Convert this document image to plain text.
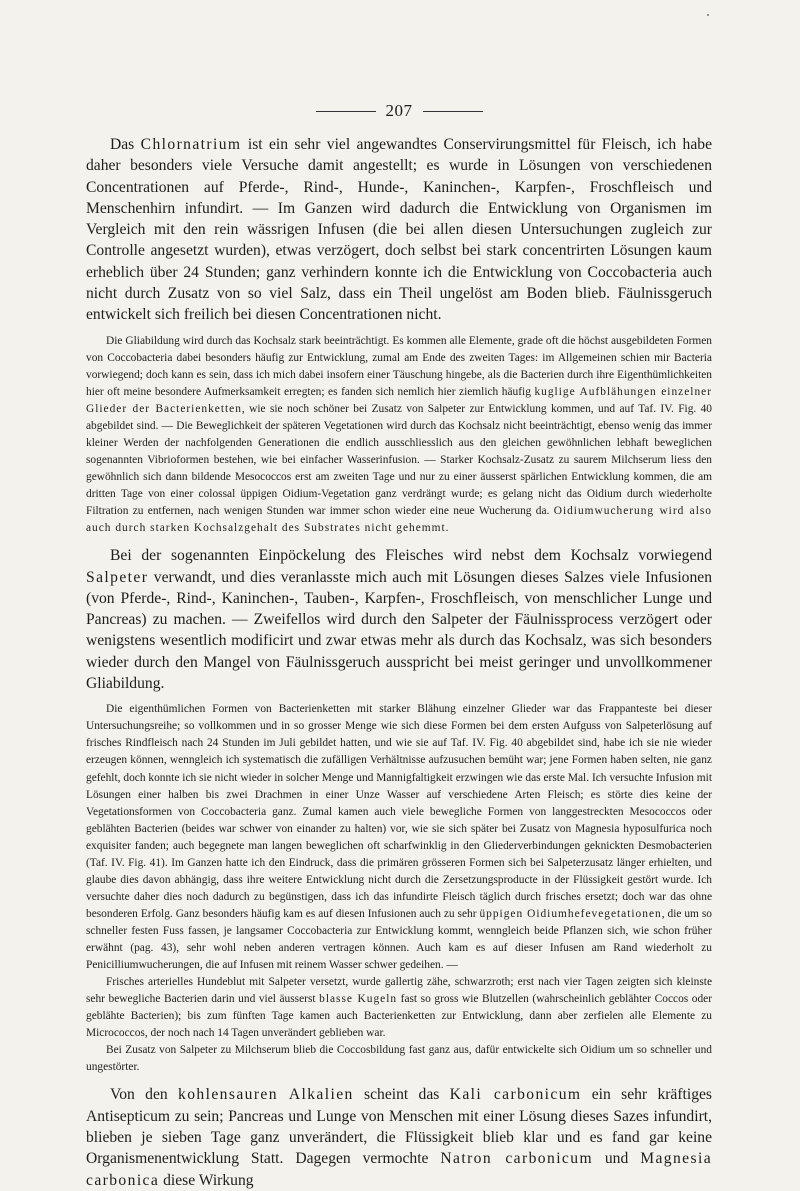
207

Das Chlornatrium ist ein sehr viel angewandtes Conservirungsmittel für Fleisch, ich habe daher besonders viele Versuche damit angestellt; es wurde in Lösungen von verschiedenen Concentrationen auf Pferde-, Rind-, Hunde-, Kaninchen-, Karpfen-, Froschfleisch und Menschenhirn infundirt. — Im Ganzen wird dadurch die Entwicklung von Organismen im Vergleich mit den rein wässrigen Infusen (die bei allen diesen Untersuchungen zugleich zur Controlle angesetzt wurden), etwas verzögert, doch selbst bei stark concentrirten Lösungen kaum erheblich über 24 Stunden; ganz verhindern konnte ich die Entwicklung von Coccobacteria auch nicht durch Zusatz von so viel Salz, dass ein Theil ungelöst am Boden blieb. Fäulnissgeruch entwickelt sich freilich bei diesen Concentrationen nicht.

Die Gliabildung wird durch das Kochsalz stark beeinträchtigt. Es kommen alle Elemente, grade oft die höchst ausgebildeten Formen von Coccobacteria dabei besonders häufig zur Entwicklung, zumal am Ende des zweiten Tages: im Allgemeinen schien mir Bacteria vorwiegend; doch kann es sein, dass ich mich dabei insofern einer Täuschung hingebe, als die Bacterien durch ihre Eigenthümlichkeiten hier oft meine besondere Aufmerksamkeit erregten; es fanden sich nemlich hier ziemlich häufig kuglige Aufblähungen einzelner Glieder der Bacterienketten, wie sie noch schöner bei Zusatz von Salpeter zur Entwicklung kommen, und auf Taf. IV. Fig. 40 abgebildet sind. — Die Beweglichkeit der späteren Vegetationen wird durch das Kochsalz nicht beeinträchtigt, ebenso wenig das immer kleiner Werden der nachfolgenden Generationen die endlich ausschliesslich aus den gleichen gewöhnlichen lebhaft beweglichen sogenannten Vibrioformen bestehen, wie bei einfacher Wasserinfusion. — Starker Kochsalz-Zusatz zu saurem Milchserum liess den gewöhnlich sich dann bildende Mesococcos erst am zweiten Tage und nur zu einer äusserst spärlichen Entwicklung kommen, die am dritten Tage von einer colossal üppigen Oidium-Vegetation ganz verdrängt wurde; es gelang nicht das Oidium durch wiederholte Filtration zu entfernen, nach wenigen Stunden war immer schon wieder eine neue Wucherung da. Oidiumwucherung wird also auch durch starken Kochsalzgehalt des Substrates nicht gehemmt.

Bei der sogenannten Einpöckelung des Fleisches wird nebst dem Kochsalz vorwiegend Salpeter verwandt, und dies veranlasste mich auch mit Lösungen dieses Salzes viele Infusionen (von Pferde-, Rind-, Kaninchen-, Tauben-, Karpfen-, Froschfleisch, von menschlicher Lunge und Pancreas) zu machen. — Zweifellos wird durch den Salpeter der Fäulnissprocess verzögert oder wenigstens wesentlich modificirt und zwar etwas mehr als durch das Kochsalz, was sich besonders wieder durch den Mangel von Fäulnissgeruch ausspricht bei meist geringer und unvollkommener Gliabildung.

Die eigenthümlichen Formen von Bacterienketten mit starker Blähung einzelner Glieder war das Frappanteste bei dieser Untersuchungsreihe; so vollkommen und in so grosser Menge wie sich diese Formen bei dem ersten Aufguss von Salpeterlösung auf frisches Rindfleisch nach 24 Stunden im Juli gebildet hatten, und wie sie auf Taf. IV. Fig. 40 abgebildet sind, habe ich sie nie wieder erzeugen können, wenngleich ich systematisch die zufälligen Verhältnisse aufzusuchen bemüht war; jene Formen haben selten, nie ganz gefehlt, doch konnte ich sie nicht wieder in solcher Menge und Mannigfaltigkeit erzwingen wie das erste Mal. Ich versuchte Infusion mit Lösungen einer halben bis zwei Drachmen in einer Unze Wasser auf verschiedene Arten Fleisch; es störte dies keine der Vegetationsformen von Coccobacteria ganz. Zumal kamen auch viele bewegliche Formen von langgestreckten Mesococcos oder geblähten Bacterien (beides war schwer von einander zu halten) vor, wie sie sich später bei Zusatz von Magnesia hyposulfurica noch exquisiter fanden; auch begegnete man langen beweglichen oft scharfwinklig in den Gliederverbindungen geknickten Desmobacterien (Taf. IV. Fig. 41). Im Ganzen hatte ich den Eindruck, dass die primären grösseren Formen sich bei Salpeterzusatz länger erhielten, und glaube dies davon abhängig, dass ihre weitere Entwicklung nicht durch die Zersetzungsproducte in der Flüssigkeit gestört wurde. Ich versuchte daher dies noch dadurch zu begünstigen, dass ich das infundirte Fleisch täglich durch frisches ersetzt; doch war das ohne besonderen Erfolg. Ganz besonders häufig kam es auf diesen Infusionen auch zu sehr üppigen Oidiumhefevegetationen, die um so schneller festen Fuss fassen, je langsamer Coccobacteria zur Entwicklung kommt, wenngleich beide Pflanzen sich, wie schon früher erwähnt (pag. 43), sehr wohl neben anderen vertragen können. Auch kam es auf dieser Infusen am Rand wiederholt zu Penicilliumwucherungen, die auf Infusen mit reinem Wasser schwer gedeihen. —

Frisches arterielles Hundeblut mit Salpeter versetzt, wurde gallertig zähe, schwarzroth; erst nach vier Tagen zeigten sich kleinste sehr bewegliche Bacterien darin und viel äusserst blasse Kugeln fast so gross wie Blutzellen (wahrscheinlich geblähter Coccos oder geblähte Bacterien); bis zum fünften Tage kamen auch Bacterienketten zur Entwicklung, dann aber zerfielen alle Elemente zu Micrococcos, der noch nach 14 Tagen unverändert geblieben war.

Bei Zusatz von Salpeter zu Milchserum blieb die Coccosbildung fast ganz aus, dafür entwickelte sich Oidium um so schneller und ungestörter.

Von den kohlensauren Alkalien scheint das Kali carbonicum ein sehr kräftiges Antisepticum zu sein; Pancreas und Lunge von Menschen mit einer Lösung dieses Sazes infundirt, blieben je sieben Tage ganz unverändert, die Flüssigkeit blieb klar und es fand gar keine Organismenentwicklung Statt. Dagegen vermochte Natron carbonicum und Magnesia carbonica diese Wirkung
